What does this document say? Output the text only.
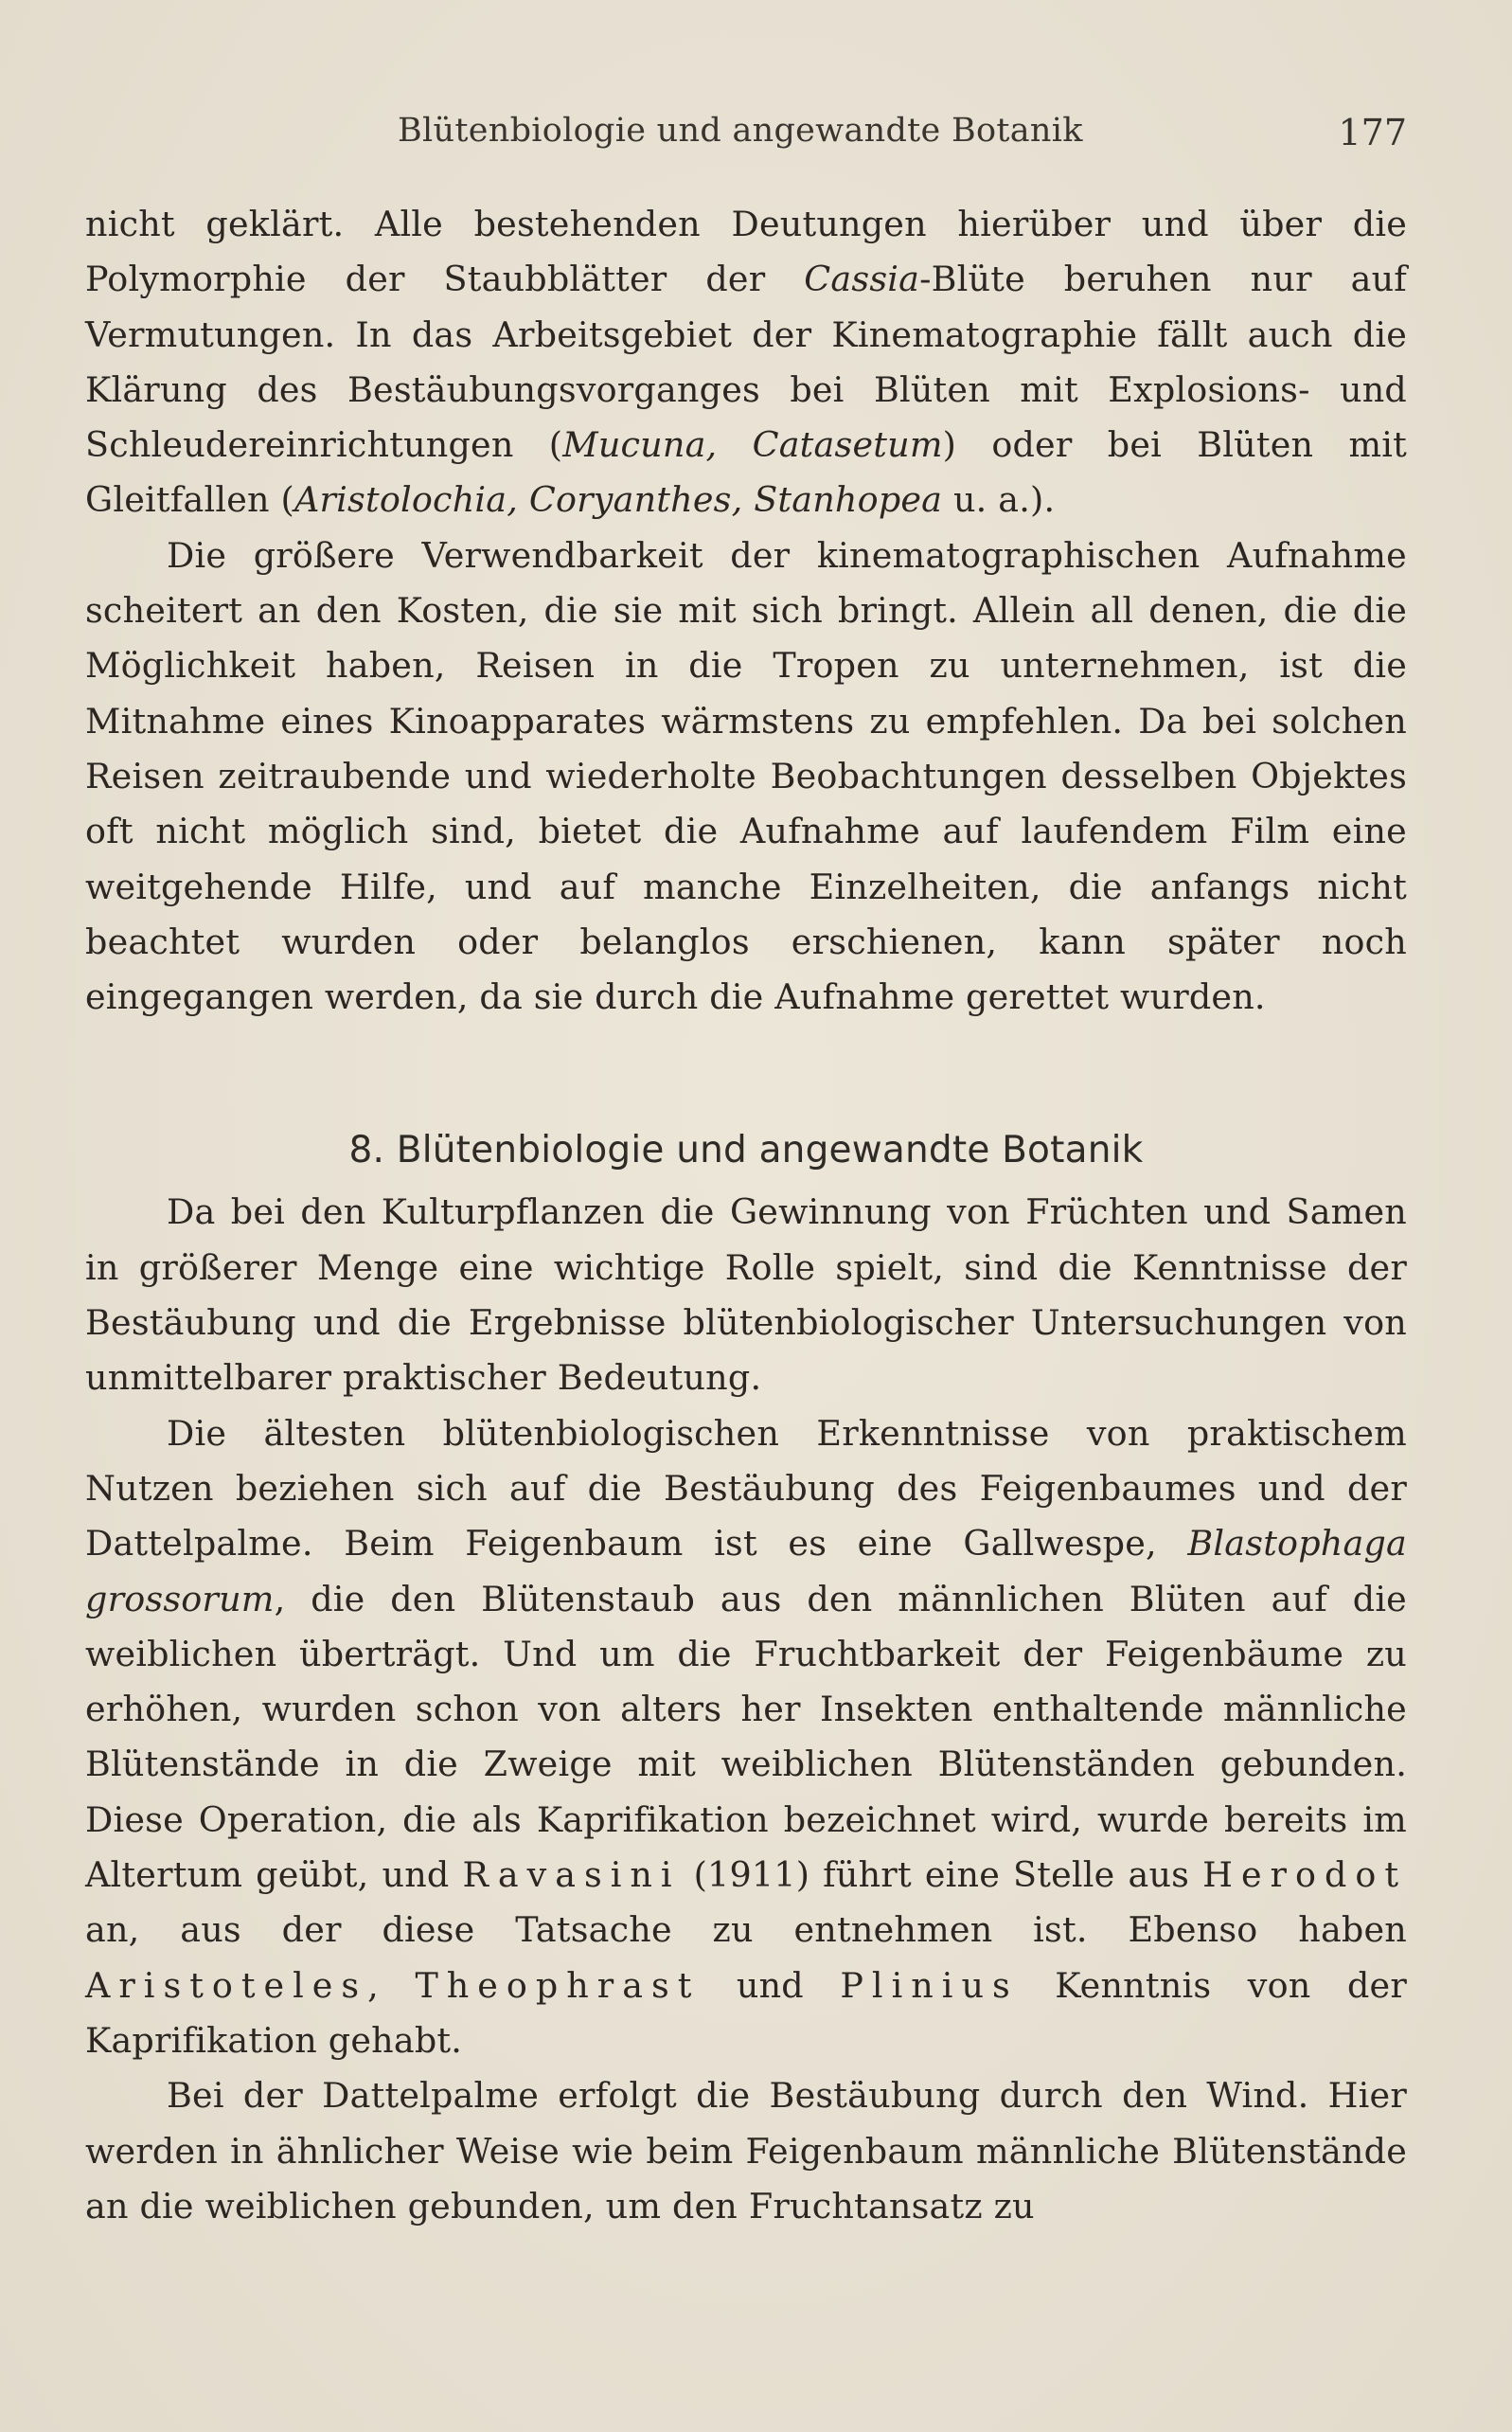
Blütenbiologie und angewandte Botanik	177

nicht geklärt. Alle bestehenden Deutungen hierüber und über die Polymorphie der Staubblätter der Cassia-Blüte beruhen nur auf Vermutungen. In das Arbeitsgebiet der Kinematographie fällt auch die Klärung des Bestäubungsvorganges bei Blüten mit Explosions- und Schleudereinrichtungen (Mucuna, Catasetum) oder bei Blüten mit Gleitfallen (Aristolochia, Coryanthes, Stanhopea u. a.).

Die größere Verwendbarkeit der kinematographischen Aufnahme scheitert an den Kosten, die sie mit sich bringt. Allein all denen, die die Möglichkeit haben, Reisen in die Tropen zu unternehmen, ist die Mitnahme eines Kinoapparates wärmstens zu empfehlen. Da bei solchen Reisen zeitraubende und wiederholte Beobachtungen desselben Objektes oft nicht möglich sind, bietet die Aufnahme auf laufendem Film eine weitgehende Hilfe, und auf manche Einzelheiten, die anfangs nicht beachtet wurden oder belanglos erschienen, kann später noch eingegangen werden, da sie durch die Aufnahme gerettet wurden.

8. Blütenbiologie und angewandte Botanik

Da bei den Kulturpflanzen die Gewinnung von Früchten und Samen in größerer Menge eine wichtige Rolle spielt, sind die Kenntnisse der Bestäubung und die Ergebnisse blütenbiologischer Untersuchungen von unmittelbarer praktischer Bedeutung.

Die ältesten blütenbiologischen Erkenntnisse von praktischem Nutzen beziehen sich auf die Bestäubung des Feigenbaumes und der Dattelpalme. Beim Feigenbaum ist es eine Gallwespe, Blastophaga grossorum, die den Blütenstaub aus den männlichen Blüten auf die weiblichen überträgt. Und um die Fruchtbarkeit der Feigenbäume zu erhöhen, wurden schon von alters her Insekten enthaltende männliche Blütenstände in die Zweige mit weiblichen Blütenständen gebunden. Diese Operation, die als Kaprifikation bezeichnet wird, wurde bereits im Altertum geübt, und Ravasini (1911) führt eine Stelle aus Herodot an, aus der diese Tatsache zu entnehmen ist. Ebenso haben Aristoteles, Theophrast und Plinius Kenntnis von der Kaprifikation gehabt.

Bei der Dattelpalme erfolgt die Bestäubung durch den Wind. Hier werden in ähnlicher Weise wie beim Feigenbaum männliche Blütenstände an die weiblichen gebunden, um den Fruchtansatz zu
